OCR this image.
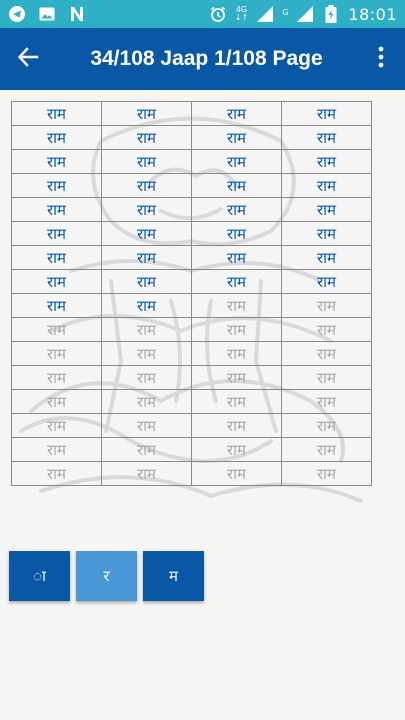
4G
↓↑
G	18:01
34/108 Jaap 1/108 Page
राम	राम	राम	राम
राम	राम	राम	राम
राम	राम	राम	राम
राम	राम	राम	राम
राम	राम	राम	राम
राम	राम	राम	राम
राम	राम	राम	राम
राम	राम	राम	राम
राम	राम	राम	राम
राम	राम	राम	राम
राम	राम	राम	राम
राम	राम	राम	राम
राम	राम	राम	राम
राम	राम	राम	राम
राम	राम	राम	राम
राम	राम	राम	राम
ा	र	म
